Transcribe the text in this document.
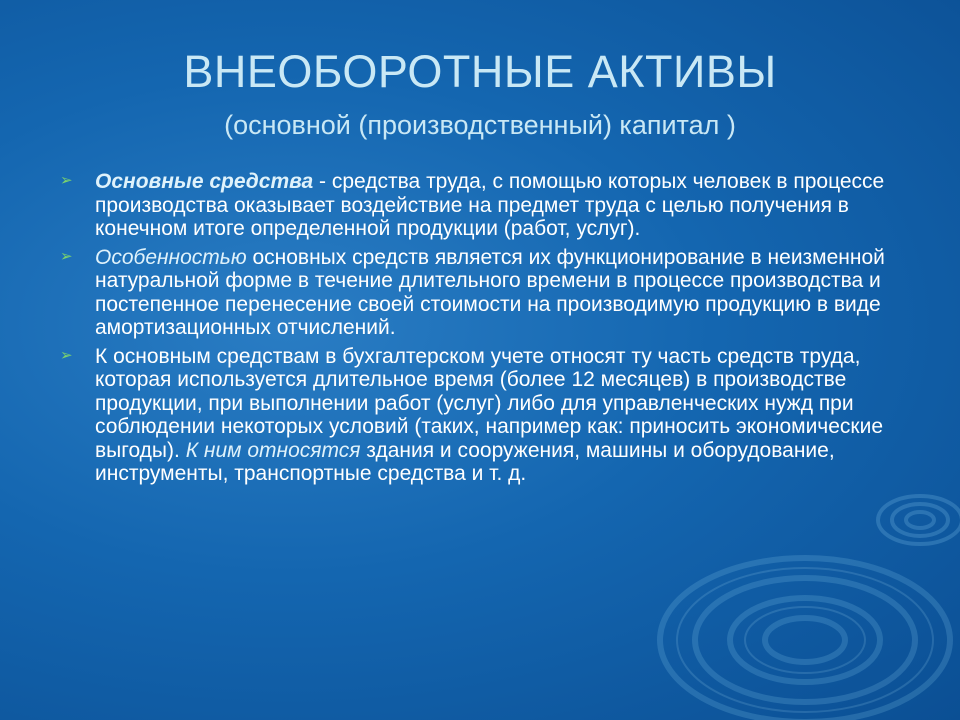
ВНЕОБОРОТНЫЕ АКТИВЫ
(основной (производственный) капитал )
➢ Основные средства - средства труда, с помощью которых человек в процессе производства оказывает воздействие на предмет труда с целью получения в конечном итоге определенной продукции (работ, услуг).
➢ Особенностью основных средств является их функционирование в неизменной натуральной форме в течение длительного времени в процессе производства и постепенное перенесение своей стоимости на производимую продукцию в виде амортизационных отчислений.
➢ К основным средствам в бухгалтерском учете относят ту часть средств труда, которая используется длительное время (более 12 месяцев) в производстве продукции, при выполнении работ (услуг) либо для управленческих нужд при соблюдении некоторых условий (таких, например как: приносить экономические выгоды). К ним относятся здания и сооружения, машины и оборудование, инструменты, транспортные средства и т. д.
